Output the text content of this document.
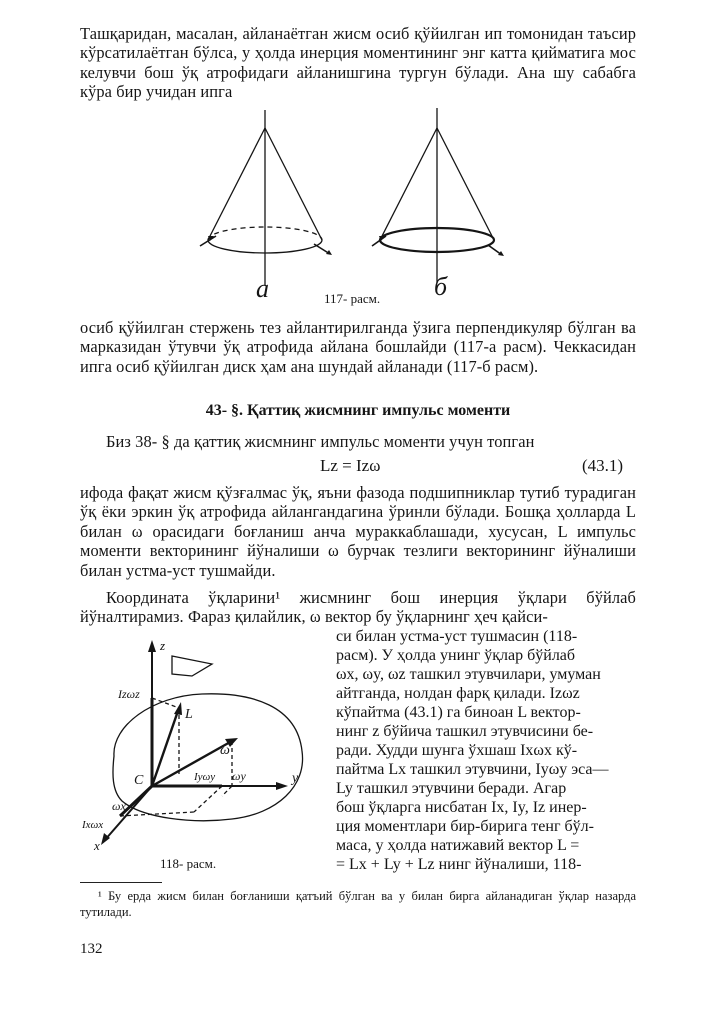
Ташқаридан, масалан, айланаётган жисм осиб қўйилган ип томонидан таъсир кўрсатилаётган бўлса, у ҳолда инерция моментининг энг катта қийматига мос келувчи бош ўқ атрофидаги айланишгина тургун бўлади. Ана шу сабабга кўра бир учидан ипга

a	б
117- расм.

осиб қўйилган стержень тез айлантирилганда ўзига перпендикуляр бўлган ва марказидан ўтувчи ўқ атрофида айлана бошлайди (117-а расм). Чеккасидан ипга осиб қўйилган диск ҳам ана шундай айланади (117-б расм).

43- §. Қаттиқ жисмнинг импульс моменти

Биз 38- § да қаттиқ жисмнинг импульс моменти учун топган

Lz = Izω	(43.1)

ифода фақат жисм қўзғалмас ўқ, яъни фазода подшипниклар тутиб турадиган ўқ ёки эркин ўқ атрофида айлангандагина ўринли бўлади. Бошқа ҳолларда L билан ω орасидаги боғланиш анча мураккаблашади, хусусан, L импульс моменти векторининг йўналиши ω бурчак тезлиги векторининг йўналиши билан устма-уст тушмайди.

Координата ўқларини¹ жисмнинг бош инерция ўқлари бўйлаб йўналтирамиз. Фараз қилайлик, ω вектор бу ўқларнинг ҳеч қайси-

си билан устма-уст тушмасин (118-

расм). У ҳолда унинг ўқлар бўйлаб

ωx, ωy, ωz ташкил этувчилари, умуман

айтганда, нолдан фарқ қилади. Izωz

кўпайтма (43.1) га биноан L вектор-

нинг z бўйича ташкил этувчисини бе-

ради. Худди шунга ўхшаш Ixωx кў-

пайтма Lx ташкил этувчини, Iyωy эса—

Ly ташкил этувчини беради. Агар

бош ўқларга нисбатан Ix, Iy, Iz инер-

ция моментлари бир-бирига тенг бўл-

маса, у ҳолда натижавий вектор L =

= Lx + Ly + Lz нинг йўналиши, 118-

z
y
x
C
L
ω
Izωz
Iyωy ωy
ωx
Ixωx
118- расм.

¹ Бу ерда жисм билан боғланиши қатъий бўлган ва у билан бирга айланадиган ўқлар назарда тутилади.

132
